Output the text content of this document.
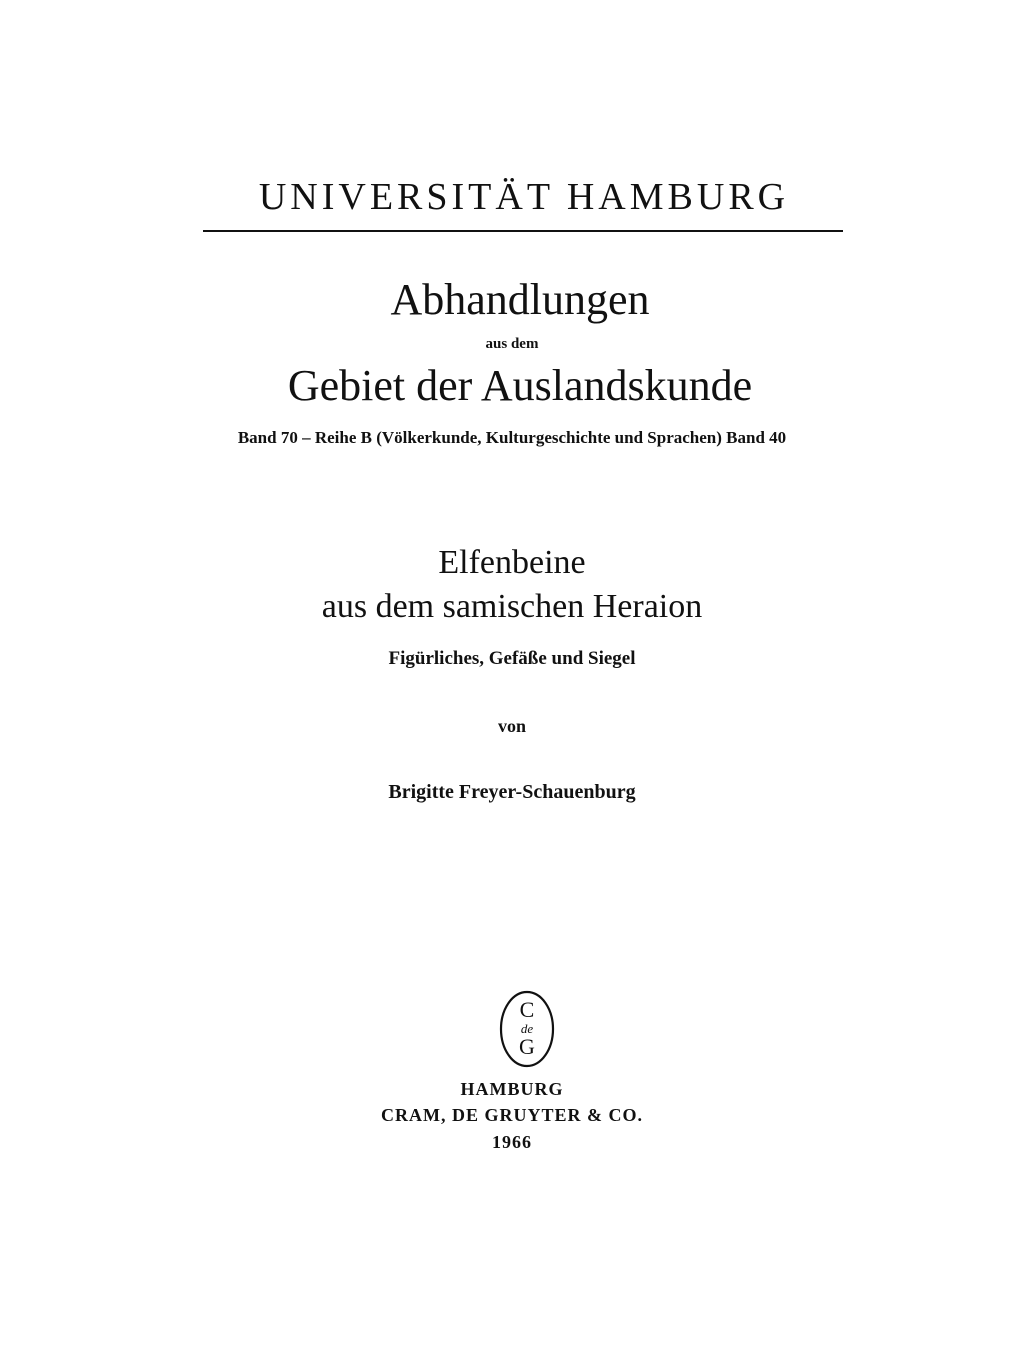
UNIVERSITÄT HAMBURG
Abhandlungen
aus dem
Gebiet der Auslandskunde
Band 70 – Reihe B (Völkerkunde, Kulturgeschichte und Sprachen) Band 40
Elfenbeine
aus dem samischen Heraion
Figürliches, Gefäße und Siegel
von
Brigitte Freyer-Schauenburg
C
de
G
HAMBURG
CRAM, DE GRUYTER & CO.
1966
